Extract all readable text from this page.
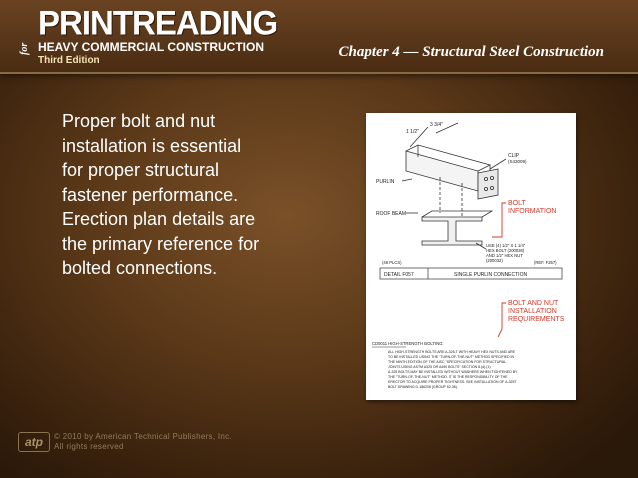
PRINTREADING
for HEAVY COMMERCIAL CONSTRUCTION
Third Edition
Chapter 4 — Structural Steel Construction
Proper bolt and nut
installation is essential
for proper structural
fastener performance.
Erection plan details are
the primary reference for
bolted connections.
3 3/4"
1 1/2"
CLIP
(S43009)
PURLIN
ROOF BEAM
BOLT
INFORMATION
USE (4) 1/2" X 1 1/4"
HEX BOLT (200026)
AND 1/2" HEX NUT
(200032)
(46 PLCS)	(REF. F257)
DETAIL F057	SINGLE PURLIN CONNECTION
BOLT AND NUT
INSTALLATION
REQUIREMENTS
CD0011 HIGH-STRENGTH BOLTING:
ALL HIGH-STRENGTH BOLTS ARE A-325-T WITH HEAVY HEX NUTS AND ARE
TO BE INSTALLED USING THE "TURN-OF-THE-NUT" METHOD SPECIFIED IN
THE NINTH EDITION OF THE AISC "SPECIFICATION FOR STRUCTURAL
JOINTS USING ASTM A325 OR A490 BOLTS" SECTION 8.(d).(1).
A-325 BOLTS MAY BE INSTALLED WITHOUT WASHERS WHEN TIGHTENED BY
THE "TURN-OF-THE-NUT" METHOD. IT IS THE RESPONSIBILITY OF THE
ERECTOR TO ACQUIRE PROPER TIGHTNESS. SEE INSTALLATION OF A-325T
BOLT DRAWING D-186208 (GROUP 52-36).
atp	© 2010 by American Technical Publishers, Inc.
All rights reserved
